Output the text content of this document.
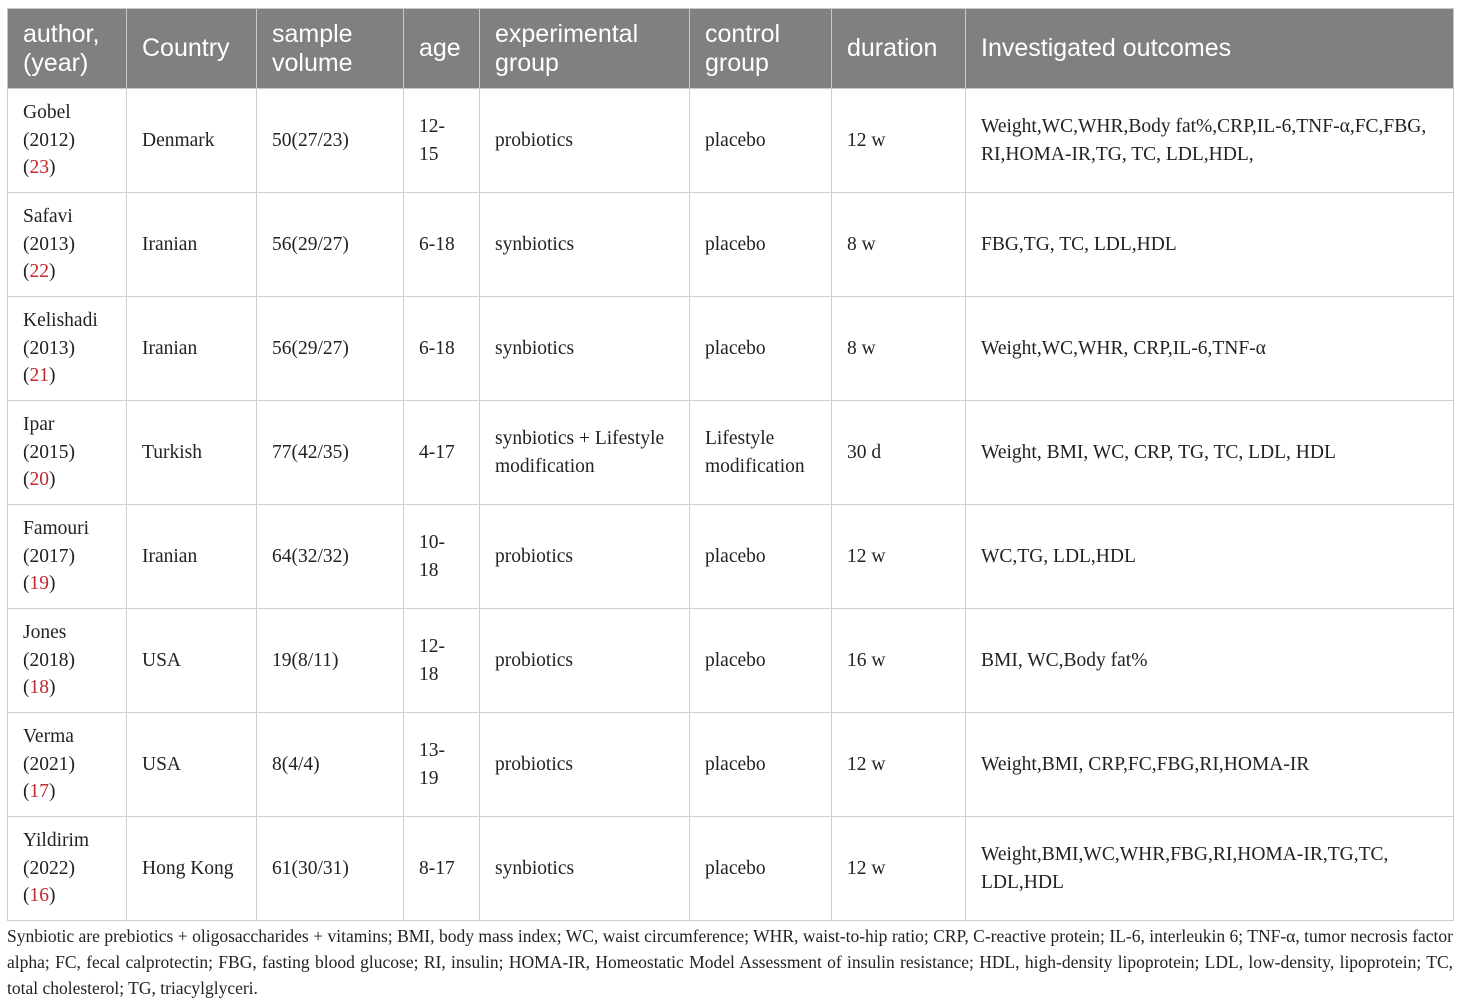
author, (year)	Country	sample volume	age	experimental group	control group	duration	Investigated outcomes

Gobel
(2012)
( 23 )	Denmark	50(27/23)	12-15	probiotics	placebo	12 w	Weight,WC,WHR,Body fat%,CRP,IL-6,TNF-α,FC,FBG, RI,HOMA-IR,TG, TC, LDL,HDL,

Safavi
(2013)
( 22 )	Iranian	56(29/27)	6-18	synbiotics	placebo	8 w	FBG,TG, TC, LDL,HDL

Kelishadi
(2013)
( 21 )	Iranian	56(29/27)	6-18	synbiotics	placebo	8 w	Weight,WC,WHR, CRP,IL-6,TNF-α

Ipar
(2015)
( 20 )	Turkish	77(42/35)	4-17	synbiotics + Lifestyle modification	Lifestyle modification	30 d	Weight, BMI, WC, CRP, TG, TC, LDL, HDL

Famouri
(2017)
( 19 )	Iranian	64(32/32)	10-18	probiotics	placebo	12 w	WC,TG, LDL,HDL

Jones
(2018)
( 18 )	USA	19(8/11)	12-18	probiotics	placebo	16 w	BMI, WC,Body fat%

Verma
(2021)
( 17 )	USA	8(4/4)	13-19	probiotics	placebo	12 w	Weight,BMI, CRP,FC,FBG,RI,HOMA-IR

Yildirim
(2022)
( 16 )	Hong Kong	61(30/31)	8-17	synbiotics	placebo	12 w	Weight,BMI,WC,WHR,FBG,RI,HOMA-IR,TG,TC, LDL,HDL

Synbiotic are prebiotics + oligosaccharides + vitamins; BMI, body mass index; WC, waist circumference; WHR, waist-to-hip ratio; CRP, C-reactive protein; IL-6, interleukin 6; TNF-α, tumor necrosis factor alpha; FC, fecal calprotectin; FBG, fasting blood glucose; RI, insulin; HOMA-IR, Homeostatic Model Assessment of insulin resistance; HDL, high-density lipoprotein; LDL, low-density, lipoprotein; TC, total cholesterol; TG, triacylglyceri.
